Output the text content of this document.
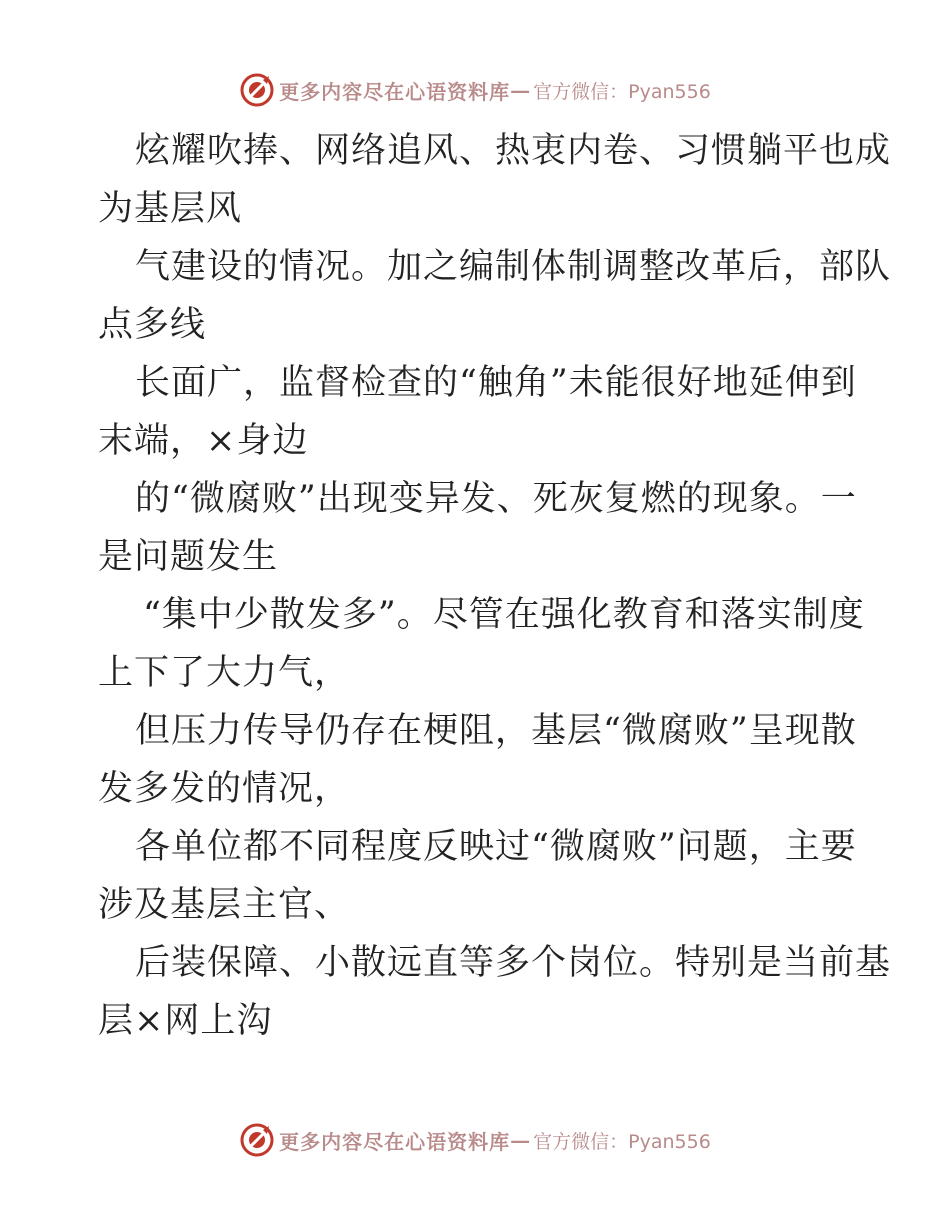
更多内容尽在心语资料库 — 官方微信：Pyan556
炫耀吹捧、网络追风、热衷内卷、习惯躺平也成
为基层风
气建设的情况。加之编制体制调整改革后，部队
点多线
长面广，监督检查的“触角”未能很好地延伸到
末端，×身边
的“微腐败”出现变异发、死灰复燃的现象。一
是问题发生
“集中少散发多”。尽管在强化教育和落实制度
上下了大力气，
但压力传导仍存在梗阻，基层“微腐败”呈现散
发多发的情况，
各单位都不同程度反映过“微腐败”问题，主要
涉及基层主官、
后装保障、小散远直等多个岗位。特别是当前基
层×网上沟
更多内容尽在心语资料库 — 官方微信：Pyan556
